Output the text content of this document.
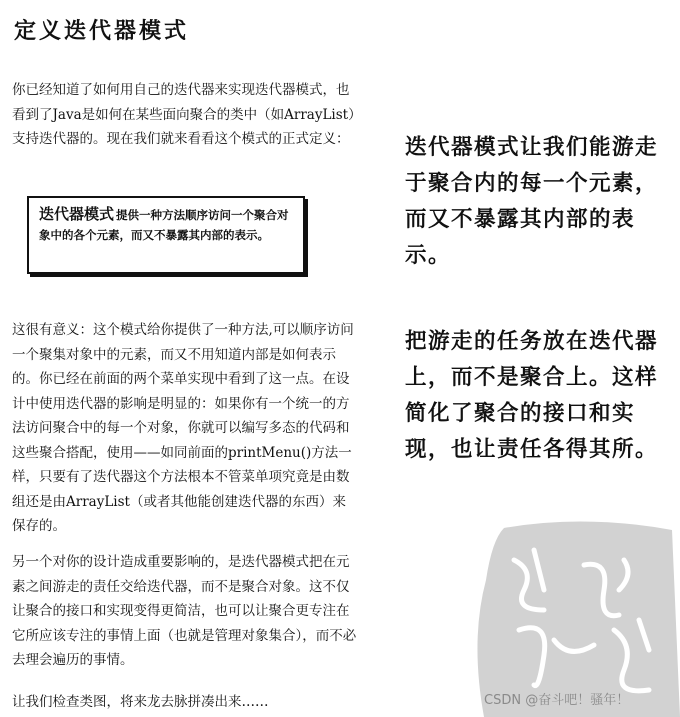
定义迭代器模式

你已经知道了如何用自己的迭代器来实现迭代器模式，也看到了Java是如何在某些面向聚合的类中（如ArrayList）支持迭代器的。现在我们就来看看这个模式的正式定义：

迭代器模式 提供一种方法顺序访问一个聚合对象中的各个元素，而又不暴露其内部的表示。

这很有意义：这个模式给你提供了一种方法,可以顺序访问一个聚集对象中的元素，而又不用知道内部是如何表示的。你已经在前面的两个菜单实现中看到了这一点。在设计中使用迭代器的影响是明显的：如果你有一个统一的方法访问聚合中的每一个对象，你就可以编写多态的代码和这些聚合搭配，使用——如同前面的printMenu()方法一样，只要有了迭代器这个方法根本不管菜单项究竟是由数组还是由ArrayList（或者其他能创建迭代器的东西）来保存的。

另一个对你的设计造成重要影响的，是迭代器模式把在元素之间游走的责任交给迭代器，而不是聚合对象。这不仅让聚合的接口和实现变得更简洁，也可以让聚合更专注在它所应该专注的事情上面（也就是管理对象集合），而不必去理会遍历的事情。

让我们检查类图，将来龙去脉拼凑出来……

迭代器模式让我们能游走于聚合内的每一个元素，而又不暴露其内部的表示。

把游走的任务放在迭代器上，而不是聚合上。这样简化了聚合的接口和实现，也让责任各得其所。

CSDN @奋斗吧！骚年！
